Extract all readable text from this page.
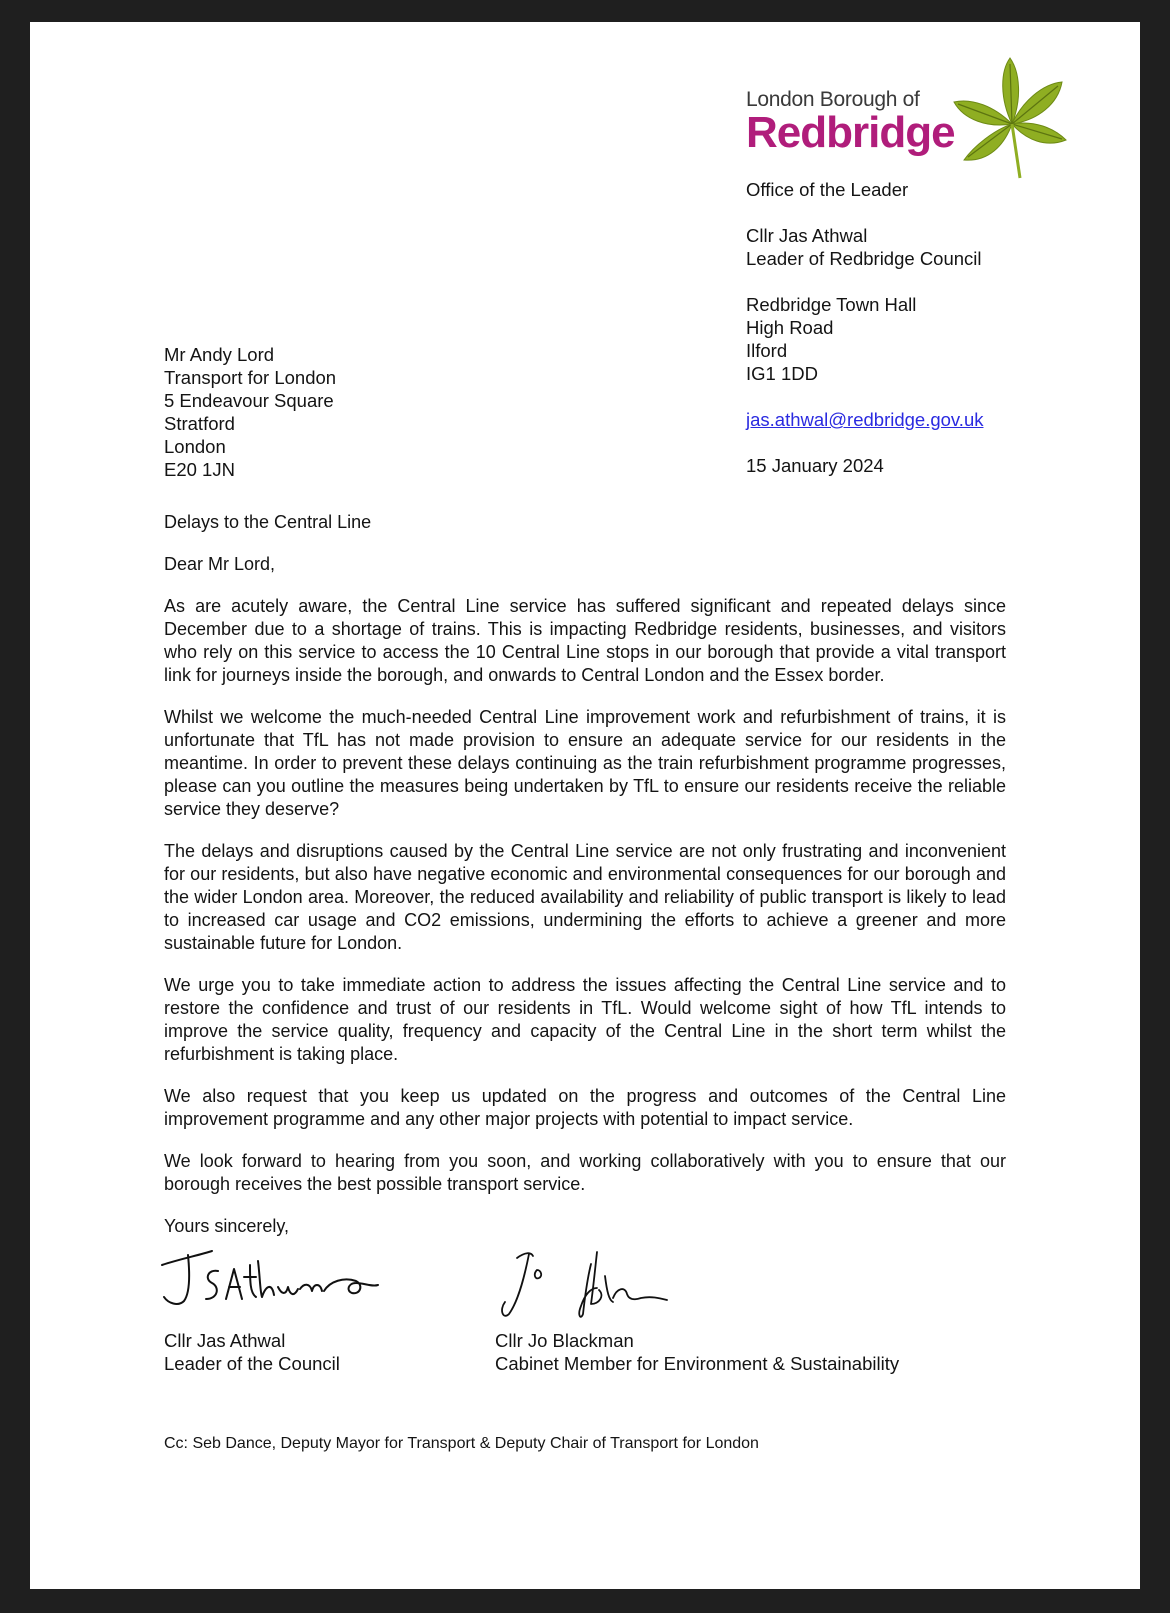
London Borough of
Redbridge
Office of the Leader
Cllr Jas Athwal
Leader of Redbridge Council
Redbridge Town Hall
High Road
Ilford
IG1 1DD
jas.athwal@redbridge.gov.uk
15 January 2024
Mr Andy Lord
Transport for London
5 Endeavour Square
Stratford
London
E20 1JN

Delays to the Central Line

Dear Mr Lord,

As are acutely aware, the Central Line service has suffered significant and repeated delays since December due to a shortage of trains. This is impacting Redbridge residents, businesses, and visitors who rely on this service to access the 10 Central Line stops in our borough that provide a vital transport link for journeys inside the borough, and onwards to Central London and the Essex border.

Whilst we welcome the much-needed Central Line improvement work and refurbishment of trains, it is unfortunate that TfL has not made provision to ensure an adequate service for our residents in the meantime. In order to prevent these delays continuing as the train refurbishment programme progresses, please can you outline the measures being undertaken by TfL to ensure our residents receive the reliable service they deserve?

The delays and disruptions caused by the Central Line service are not only frustrating and inconvenient for our residents, but also have negative economic and environmental consequences for our borough and the wider London area. Moreover, the reduced availability and reliability of public transport is likely to lead to increased car usage and CO2 emissions, undermining the efforts to achieve a greener and more sustainable future for London.

We urge you to take immediate action to address the issues affecting the Central Line service and to restore the confidence and trust of our residents in TfL. Would welcome sight of how TfL intends to improve the service quality, frequency and capacity of the Central Line in the short term whilst the refurbishment is taking place.

We also request that you keep us updated on the progress and outcomes of the Central Line improvement programme and any other major projects with potential to impact service.

We look forward to hearing from you soon, and working collaboratively with you to ensure that our borough receives the best possible transport service.

Yours sincerely,

Cllr Jas Athwal
Leader of the Council
Cllr Jo Blackman
Cabinet Member for Environment & Sustainability
Cc: Seb Dance, Deputy Mayor for Transport & Deputy Chair of Transport for London
